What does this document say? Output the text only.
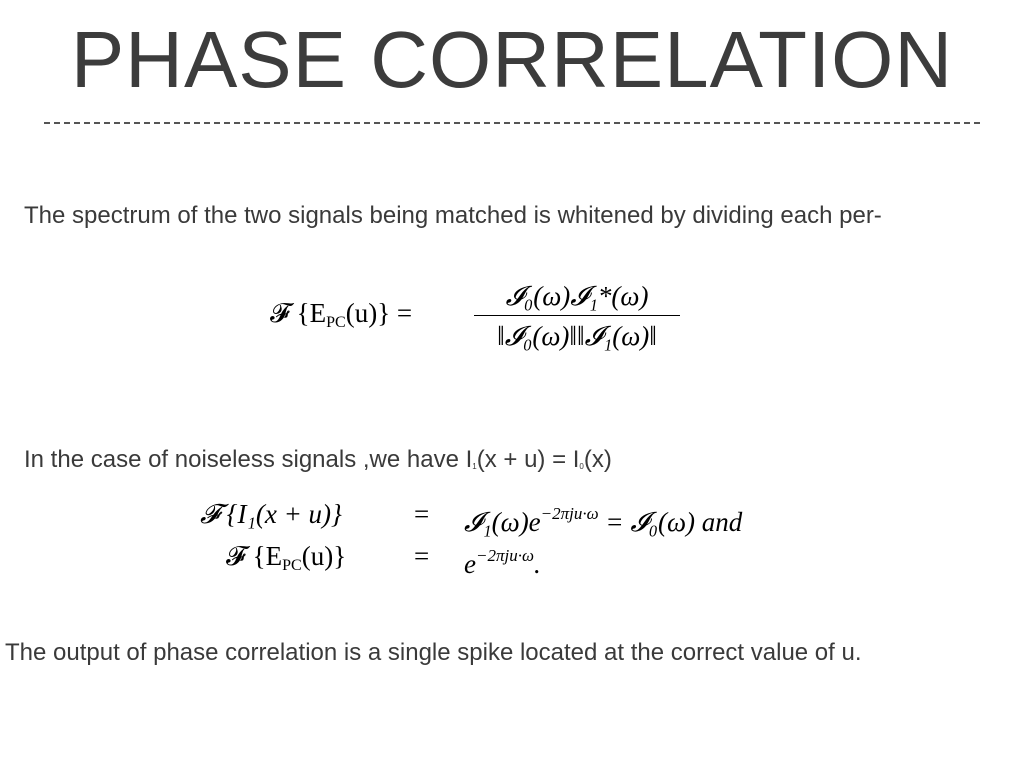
PHASE CORRELATION

The spectrum of the two signals being matched is whitened by dividing each per-

𝓕 {EPC(u)} =
𝓘₀(ω)𝓘₁*(ω)
‖𝓘₀(ω)‖‖𝓘₁(ω)‖

In the case of noiseless signals ,we have $I_1(x + u) = I_0(x)$

𝓕 {I₁(x + u)}	= $𝓘_1(\omega)e^{-2\pi ju\cdot\omega}$ = 𝓘₀(ω) and
𝓕 {EPC(u)}	= $e^{-2\pi ju\cdot\omega}$.

The output of phase correlation is a single spike located at the correct value of u.
